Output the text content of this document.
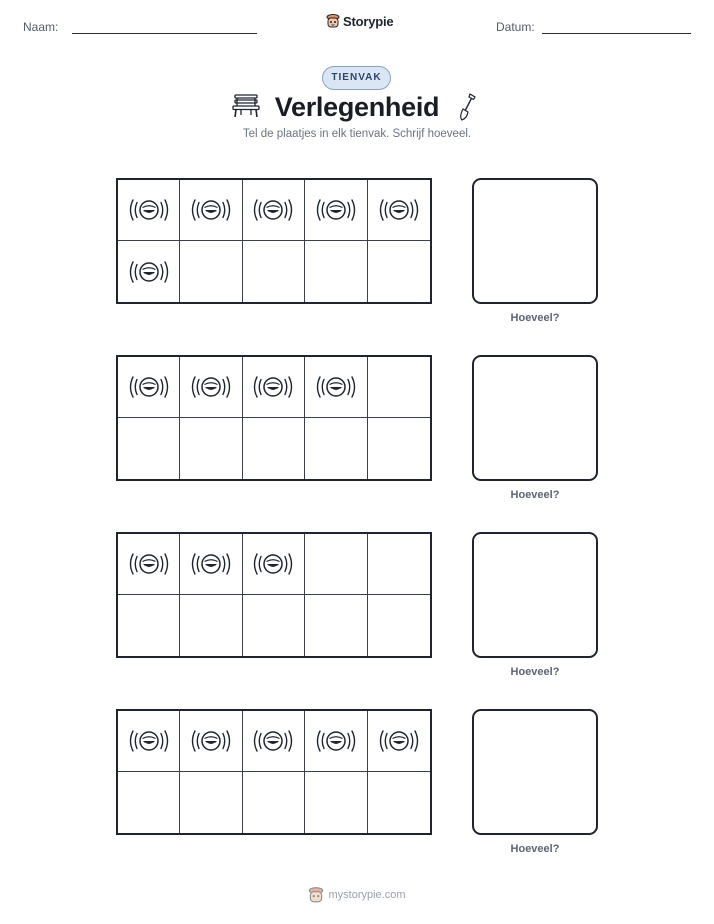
Naam:	Storypie	Datum:
TIENVAK
Verlegenheid
Tel de plaatjes in elk tienvak. Schrijf hoeveel.
Hoeveel?
Hoeveel?
Hoeveel?
Hoeveel?
mystorypie.com
